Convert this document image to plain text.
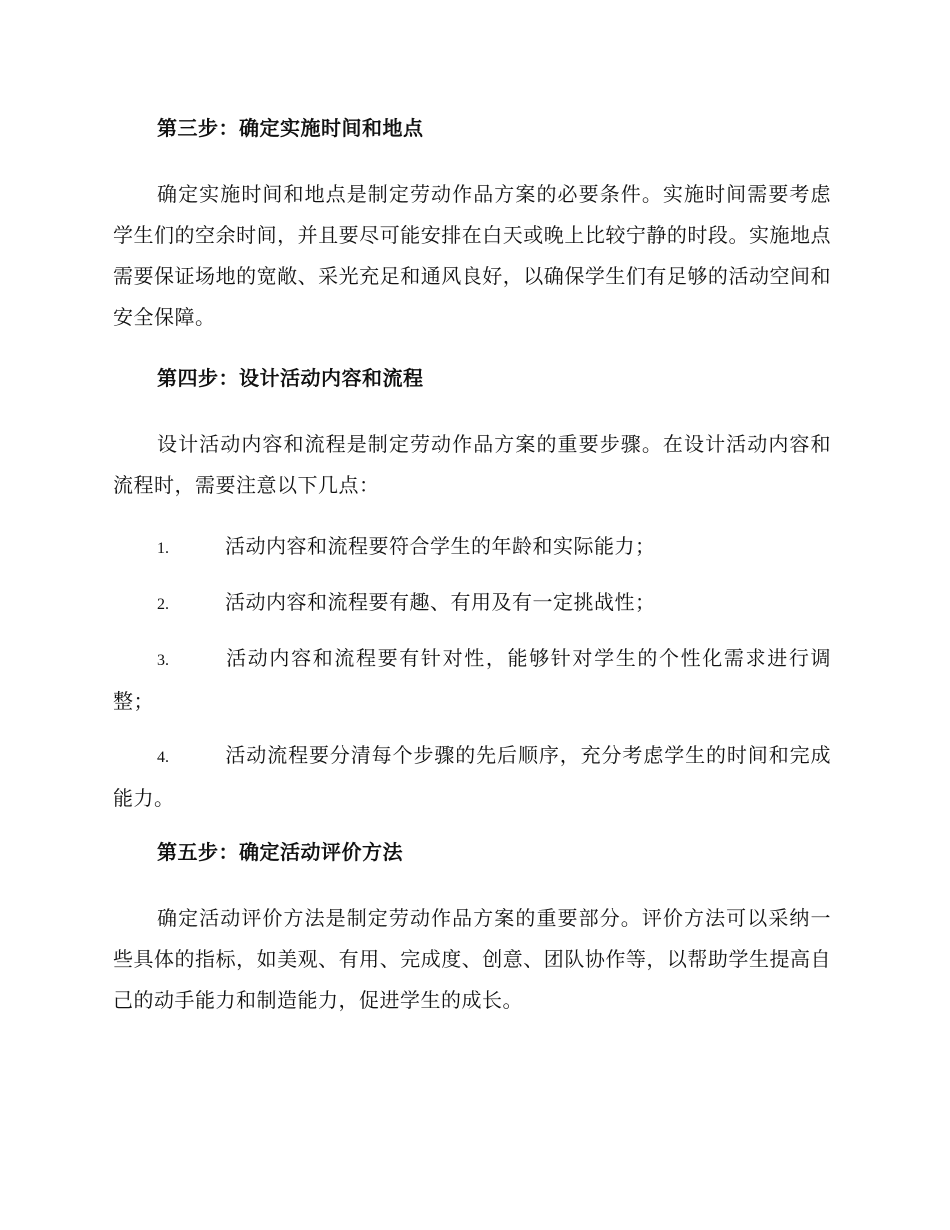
第三步：确定实施时间和地点

确定实施时间和地点是制定劳动作品方案的必要条件。实施时间需要考虑学生们的空余时间，并且要尽可能安排在白天或晚上比较宁静的时段。实施地点需要保证场地的宽敞、采光充足和通风良好，以确保学生们有足够的活动空间和安全保障。

第四步：设计活动内容和流程

设计活动内容和流程是制定劳动作品方案的重要步骤。在设计活动内容和流程时，需要注意以下几点：

1.	活动内容和流程要符合学生的年龄和实际能力；

2.	活动内容和流程要有趣、有用及有一定挑战性；

3.	活动内容和流程要有针对性，能够针对学生的个性化需求进行调整；

4.	活动流程要分清每个步骤的先后顺序，充分考虑学生的时间和完成能力。

第五步：确定活动评价方法

确定活动评价方法是制定劳动作品方案的重要部分。评价方法可以采纳一些具体的指标，如美观、有用、完成度、创意、团队协作等，以帮助学生提高自己的动手能力和制造能力，促进学生的成长。
